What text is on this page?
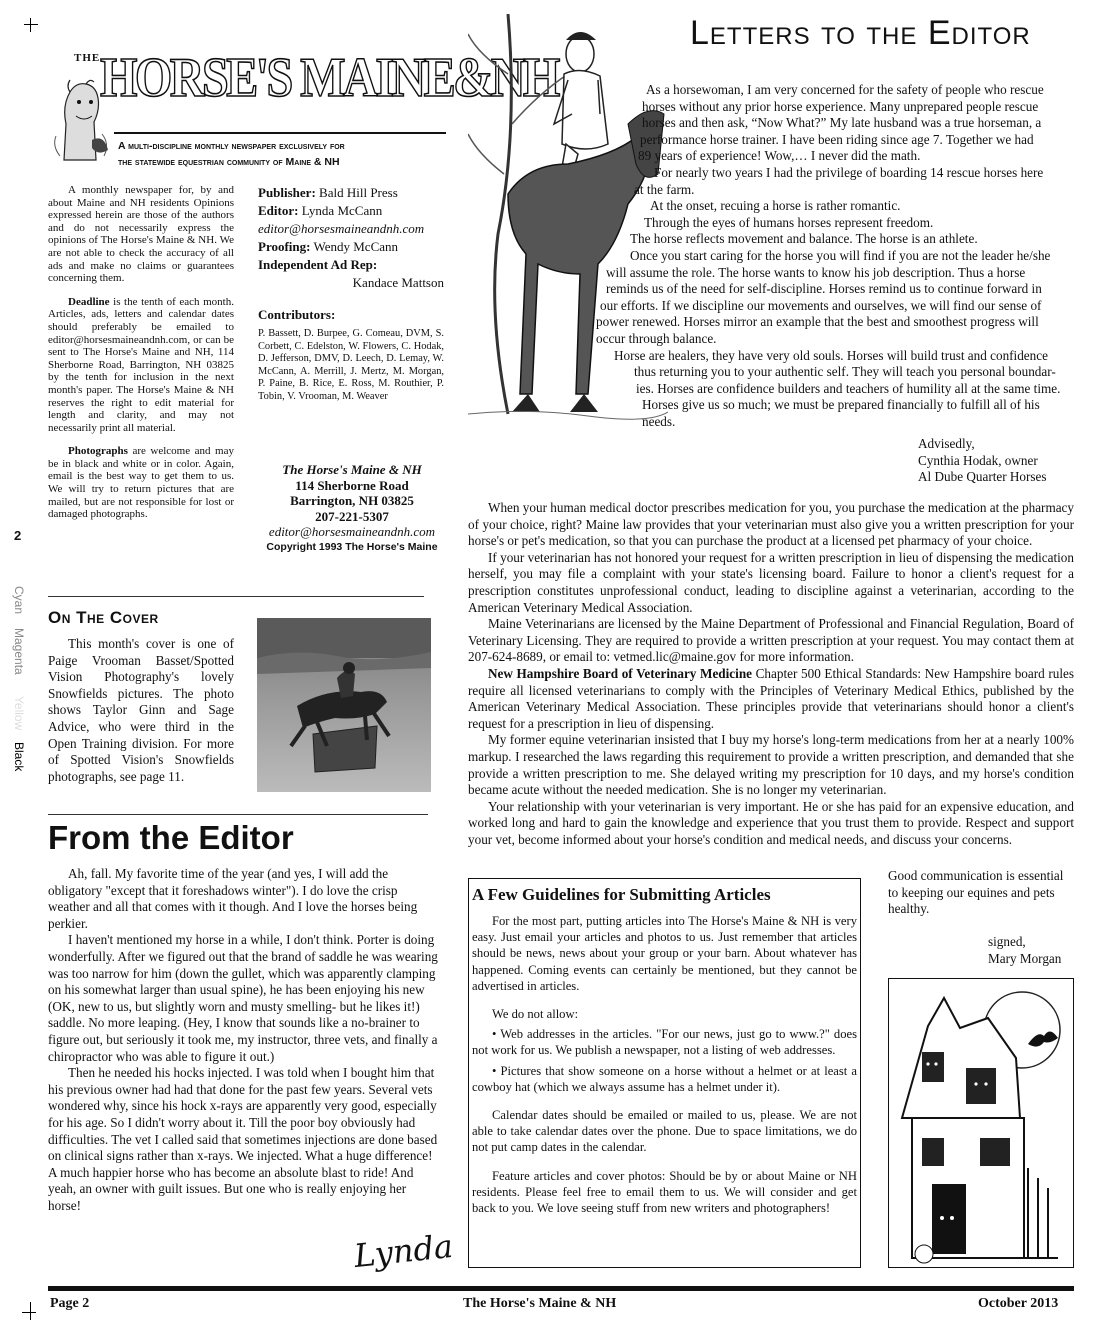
2
Cyan
Magenta
Yellow
Black
THE HORSE'S MAINE&NH
A multi-discipline monthly newspaper exclusively for
the statewide equestrian community of Maine & NH

A monthly newspaper for, by and about Maine and NH residents Opinions expressed herein are those of the authors and do not necessarily express the opinions of The Horse's Maine & NH. We are not able to check the accuracy of all ads and make no claims or guarantees concerning them.

Deadline is the tenth of each month. Articles, ads, letters and calendar dates should preferably be emailed to editor@horsesmaineandnh.com, or can be sent to The Horse's Maine and NH, 114 Sherborne Road, Barrington, NH 03825 by the tenth for inclusion in the next month's paper. The Horse's Maine & NH reserves the right to edit material for length and clarity, and may not necessarily print all material.

Photographs are welcome and may be in black and white or in color. Again, email is the best way to get them to us. We will try to return pictures that are mailed, but are not responsible for lost or damaged photographs.

Publisher: Bald Hill Press
Editor: Lynda McCann
editor@horsesmaineandnh.com
Proofing: Wendy McCann
Independent Ad Rep:
Kandace Mattson
Contributors:

P. Bassett, D. Burpee, G. Comeau, DVM, S. Corbett, C. Edelston, W. Flowers, C. Hodak, D. Jefferson, DMV, D. Leech, D. Lemay, W. McCann, A. Merrill, J. Mertz, M. Morgan, P. Paine, B. Rice, E. Ross, M. Routhier, P. Tobin, V. Vrooman, M. Weaver

The Horse's Maine & NH
114 Sherborne Road
Barrington, NH 03825
207-221-5307
editor@horsesmaineandnh.com
Copyright 1993 The Horse's Maine
On The Cover

This month's cover is one of Paige Vrooman Basset/Spotted Vision Photography's lovely Snowfields pictures. The photo shows Taylor Ginn and Sage Advice, who were third in the Open Training division. For more of Spotted Vision's Snowfields photographs, see page 11.

From the Editor

Ah, fall. My favorite time of the year (and yes, I will add the obligatory "except that it foreshadows winter"). I do love the crisp weather and all that comes with it though. And I love the horses being perkier.

I haven't mentioned my horse in a while, I don't think. Porter is doing wonderfully. After we figured out that the brand of saddle he was wearing was too narrow for him (down the gullet, which was apparently clamping on his somewhat larger than usual spine), he has been enjoying his new (OK, new to us, but slightly worn and musty smelling- but he likes it!) saddle. No more leaping. (Hey, I know that sounds like a no-brainer to figure out, but seriously it took me, my instructor, three vets, and finally a chiropractor who was able to figure it out.)

Then he needed his hocks injected. I was told when I bought him that his previous owner had had that done for the past few years. Several vets wondered why, since his hock x-rays are apparently very good, especially for his age. So I didn't worry about it. Till the poor boy obviously had difficulties. The vet I called said that sometimes injections are done based on clinical signs rather than x-rays. We injected. What a huge difference! A much happier horse who has become an absolute blast to ride! And yeah, an owner with guilt issues. But one who is really enjoying her horse!

Lynda
Letters to the Editor
As a horsewoman, I am very concerned for the safety of people who rescue
horses without any prior horse experience. Many unprepared people rescue
horses and then ask, “Now What?” My late husband was a true horseman, a
performance horse trainer. I have been riding since age 7. Together we had
89 years of experience! Wow,… I never did the math.
For nearly two years I had the privilege of boarding 14 rescue horses here
at the farm.
At the onset, recuing a horse is rather romantic.
Through the eyes of humans horses represent freedom.
The horse reflects movement and balance. The horse is an athlete.
Once you start caring for the horse you will find if you are not the leader he/she
will assume the role. The horse wants to know his job description. Thus a horse
reminds us of the need for self-discipline. Horses remind us to continue forward in
our efforts. If we discipline our movements and ourselves, we will find our sense of
power renewed. Horses mirror an example that the best and smoothest progress will
occur through balance.
Horse are healers, they have very old souls. Horses will build trust and confidence
thus returning you to your authentic self. They will teach you personal boundar-
ies. Horses are confidence builders and teachers of humility all at the same time.
Horses give us so much; we must be prepared financially to fulfill all of his needs.
Advisedly,
Cynthia Hodak, owner
Al Dube Quarter Horses

When your human medical doctor prescribes medication for you, you purchase the medication at the pharmacy of your choice, right? Maine law provides that your veterinarian must also give you a written prescription for your horse's or pet's medication, so that you can purchase the product at a licensed pet pharmacy of your choice.

If your veterinarian has not honored your request for a written prescription in lieu of dispensing the medication herself, you may file a complaint with your state's licensing board. Failure to honor a client's request for a prescription constitutes unprofessional conduct, leading to discipline against a veterinarian, according to the American Veterinary Medical Association.

Maine Veterinarians are licensed by the Maine Department of Professional and Financial Regulation, Board of Veterinary Licensing. They are required to provide a written prescription at your request. You may contact them at 207-624-8689, or email to: vetmed.lic@maine.gov for more information.

New Hampshire Board of Veterinary Medicine Chapter 500 Ethical Standards: New Hampshire board rules require all licensed veterinarians to comply with the Principles of Veterinary Medical Ethics, published by the American Veterinary Medical Association. These principles provide that veterinarians should honor a client's request for a prescription in lieu of dispensing.

My former equine veterinarian insisted that I buy my horse's long-term medications from her at a nearly 100% markup. I researched the laws regarding this requirement to provide a written prescription, and demanded that she provide a written prescription to me. She delayed writing my prescription for 10 days, and my horse's condition became acute without the needed medication. She is no longer my veterinarian.

Your relationship with your veterinarian is very important. He or she has paid for an expensive education, and worked long and hard to gain the knowledge and experience that you trust them to provide. Respect and support your vet, become informed about your horse's condition and medical needs, and discuss your concerns.

Good communication is essential to keeping our equines and pets healthy.

signed,
Mary Morgan
A Few Guidelines for Submitting Articles

For the most part, putting articles into The Horse's Maine & NH is very easy. Just email your articles and photos to us. Just remember that articles should be news, news about your group or your barn. About whatever has happened. Coming events can certainly be mentioned, but they cannot be advertised in articles.

We do not allow:

• Web addresses in the articles. "For our news, just go to www.?" does not work for us. We publish a newspaper, not a listing of web addresses.

• Pictures that show someone on a horse without a helmet or at least a cowboy hat (which we always assume has a helmet under it).

Calendar dates should be emailed or mailed to us, please. We are not able to take calendar dates over the phone. Due to space limitations, we do not put camp dates in the calendar.

Feature articles and cover photos: Should be by or about Maine or NH residents. Please feel free to email them to us. We will consider and get back to you. We love seeing stuff from new writers and photographers!

Page 2	The Horse's Maine & NH	October 2013
